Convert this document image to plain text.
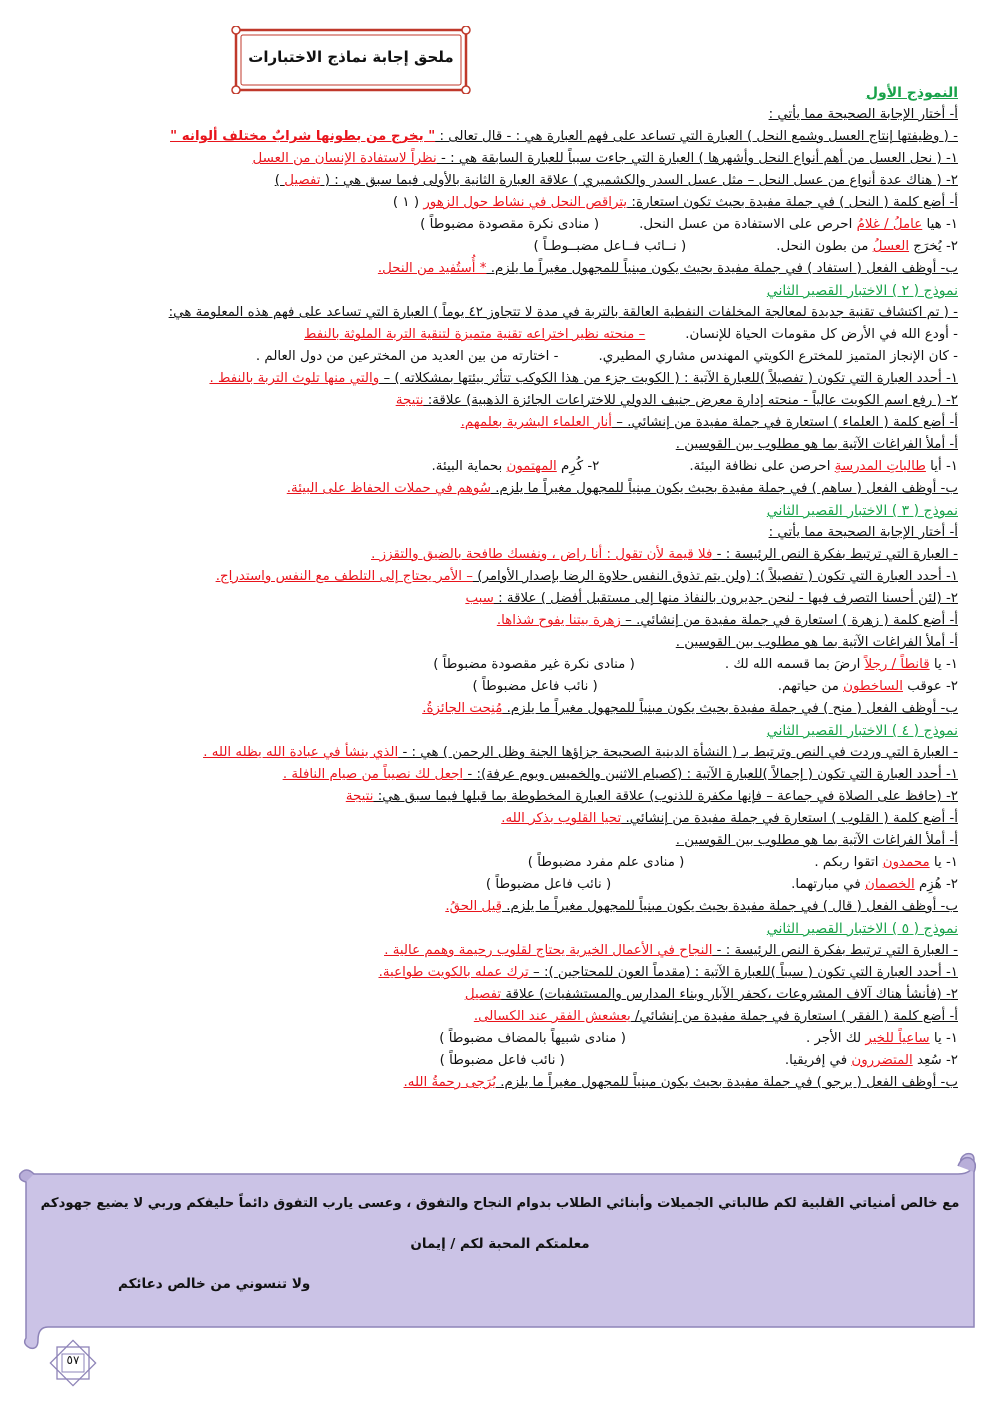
ملحق إجابة نماذج الاختبارات
النموذج الأول
أ- أختار الإجابة الصحيحة مما يأتي :
- ( وظيفتها إنتاج العسل وشمع النحل ) العبارة التي تساعد على فهم العبارة هي : - قال تعالى : " يخرج من بطونها شرابٌ مختلف ألوانه "
١- ( نحل العسل من أهم أنواع النحل وأشهرها ) العبارة التي جاءت سبباً للعبارة السابقة هي : - نظراً لاستفادة الإنسان من العسل
٢- ( هناك عدة أنواع من عسل النحل – مثل عسل السدر والكشميري ) علاقة العبارة الثانية بالأولى فيما سبق هي : ( تفصيل )
أ- أضع كلمة ( النحل ) في جملة مفيدة بحيث تكون استعارة: يتراقص النحل في نشاط حول الزهور ( ١ )
١- هيا عاملُ / غلامُ احرص على الاستفادة من عسل النحل.( منادى نكرة مقصودة مضبوطاً )
٢- يُخرَج العسلُ من بطون النحل.( نــائب فــاعل مضبــوطـاً )
ب- أوظف الفعل ( استفاد ) في جملة مفيدة بحيث يكون مبنياً للمجهول مغيراً ما يلزم. * أُستُفيد من النحل.
نموذج ( ٢ ) الاختبار القصير الثاني
- ( تم اكتشاف تقنية جديدة لمعالجة المخلفات النفطية العالقة بالتربة في مدة لا تتجاوز ٤٢ يوماً ) العبارة التي تساعد على فهم هذه المعلومة هي:
- أودع الله في الأرض كل مقومات الحياة للإنسان.– منحته نظير اختراعه تقنية متميزة لتنقية التربة الملوثة بالنفط
- كان الإنجاز المتميز للمخترع الكويتي المهندس مشاري المطيري.- اختارته من بين العديد من المخترعين من دول العالم .
١- أحدد العبارة التي تكون ( تفصيلاً )للعبارة الآتية : ( الكويت جزء من هذا الكوكب تتأثر بيئتها بمشكلاته ) – والتي منها تلوث التربة بالنفط .
٢- ( رفع اسم الكويت عالياً - منحته إدارة معرض جنيف الدولي للاختراعات الجائزة الذهبية) علاقة: نتيجة
أ- أضع كلمة ( العلماء ) استعارة في جملة مفيدة من إنشائي. – أنار العلماء البشرية بعلمهم.
أ- أملأ الفراغات الآتية بما هو مطلوب بين القوسين .
١- أيا طالباتِ المدرسةِ احرصن على نظافة البيئة.٢- كُرِم المهتمون بحماية البيئة.
ب- أوظف الفعل ( ساهم ) في جملة مفيدة بحيث يكون مبنياً للمجهول مغيراً ما يلزم. سُوهم في حملات الحفاظ على البيئة.
نموذج ( ٣ ) الاختبار القصير الثاني
أ- أختار الإجابة الصحيحة مما يأتي :
- العبارة التي ترتبط بفكرة النص الرئيسة : - فلا قيمة لأن تقول : أنا راض ، ونفسك طافحة بالضيق والتقزز .
١- أحدد العبارة التي تكون ( تفصيلاً ): (ولن يتم تذوق النفس حلاوة الرضا بإصدار الأوامر) – الأمر يحتاج إلى التلطف مع النفس واستدراج.
٢- (لئن أحسنا التصرف فيها - لنحن جديرون بالنفاذ منها إلى مستقبل أفضل ) علاقة : سبب
أ- أضع كلمة ( زهرة ) استعارة في جملة مفيدة من إنشائي. – زهرة بيتنا يفوح شذاها.
أ- أملأ الفراغات الآتية بما هو مطلوب بين القوسين .
١- يا قانطاً / رجلاً ارضَ بما قسمه الله لك .( منادى نكرة غير مقصودة مضبوطاً )
٢- عوقب الساخطون من حياتهم.( نائب فاعل مضبوطاً )
ب- أوظف الفعل ( منح ) في جملة مفيدة بحيث يكون مبنياً للمجهول مغيراً ما يلزم. مُنِحت الجائزةُ.
نموذج ( ٤ ) الاختبار القصير الثاني
- العبارة التي وردت في النص وترتبط بـ ( النشأة الدينية الصحيحة جزاؤها الجنة وظل الرحمن ) هي : - الذي ينشأ في عبادة الله يظله الله .
١- أحدد العبارة التي تكون ( إجمالاً )للعبارة الآتية : (كصيام الاثنين والخميس ويوم عرفة): - اجعل لك نصيباً من صيام النافلة .
٢- (حافظ على الصلاة في جماعة – فإنها مكفرة للذنوب) علاقة العبارة المخطوطة بما قبلها فيما سبق هي: نتيجة
أ- أضع كلمة ( القلوب ) استعارة في جملة مفيدة من إنشائي. تحيا القلوب بذكر الله.
أ- أملأ الفراغات الآتية بما هو مطلوب بين القوسين .
١- يا محمدون اتقوا ربكم .( منادى علم مفرد مضبوطاً )
٢- هُزِم الخصمان في مبارتهما.( نائب فاعل مضبوطاً )
ب- أوظف الفعل ( قال ) في جملة مفيدة بحيث يكون مبنياً للمجهول مغيراً ما يلزم. قِيل الحقُ.
نموذج ( ٥ ) الاختبار القصير الثاني
- العبارة التي ترتبط بفكرة النص الرئيسة : - النجاح في الأعمال الخيرية يحتاج لقلوب رحيمة وهمم عالية .
١- أحدد العبارة التي تكون ( سبباً )للعبارة الآتية : (مقدماً العون للمحتاجين ): – ترك عمله بالكويت طواعية.
٢- (فأنشأ هناك آلاف المشروعات ،كحفر الآبار وبناء المدارس والمستشفيات) علاقة تفصيل
أ- أضع كلمة ( الفقر ) استعارة في جملة مفيدة من إنشائي/ يعشعش الفقر عند الكسالى.
١- يا ساعياً للخير لك الأجر .( منادى شبيهاً بالمضاف مضبوطاً )
٢- سُعِد المتضررون في إفريقيا.( نائب فاعل مضبوطاً )
ب- أوظف الفعل ( يرجو ) في جملة مفيدة بحيث يكون مبنياً للمجهول مغيراً ما يلزم. يُرَجى رحمةُ الله.
مع خالص أمنياتي القلبية لكم طالباتي الجميلات وأبنائي الطلاب بدوام النجاح والتفوق ، وعسى يارب التفوق دائماً حليفكم وربي لا يضيع جهودكم
معلمتكم المحبة لكم / إيمان
ولا تنسوني من خالص دعائكم
٥٧
